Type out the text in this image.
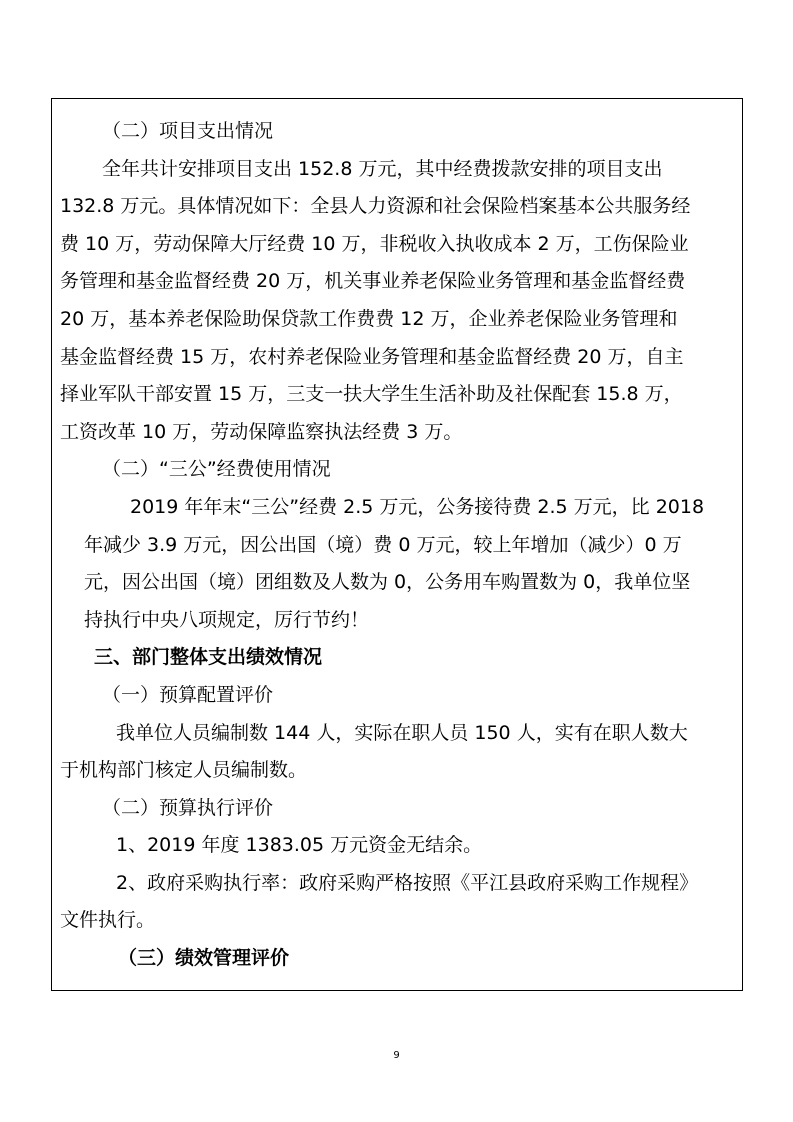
（二）项目支出情况

全年共计安排项目支出 152.8 万元，其中经费拨款安排的项目支出

132.8 万元。具体情况如下：全县人力资源和社会保险档案基本公共服务经

费 10 万，劳动保障大厅经费 10 万，非税收入执收成本 2 万，工伤保险业

务管理和基金监督经费 20 万，机关事业养老保险业务管理和基金监督经费

20 万，基本养老保险助保贷款工作费费 12 万，企业养老保险业务管理和

基金监督经费 15 万，农村养老保险业务管理和基金监督经费 20 万，自主

择业军队干部安置 15 万，三支一扶大学生生活补助及社保配套 15.8 万，

工资改革 10 万，劳动保障监察执法经费 3 万。

（二）“三公”经费使用情况

2019 年年末“三公”经费 2.5 万元，公务接待费 2.5 万元，比 2018

年减少 3.9 万元，因公出国（境）费 0 万元，较上年增加（减少）0 万

元，因公出国（境）团组数及人数为 0，公务用车购置数为 0，我单位坚

持执行中央八项规定，厉行节约！

三、部门整体支出绩效情况

（一）预算配置评价

我单位人员编制数 144 人，实际在职人员 150 人，实有在职人数大

于机构部门核定人员编制数。

（二）预算执行评价

1、2019 年度 1383.05 万元资金无结余。

2、政府采购执行率：政府采购严格按照《平江县政府采购工作规程》

文件执行。

（三）绩效管理评价

9
